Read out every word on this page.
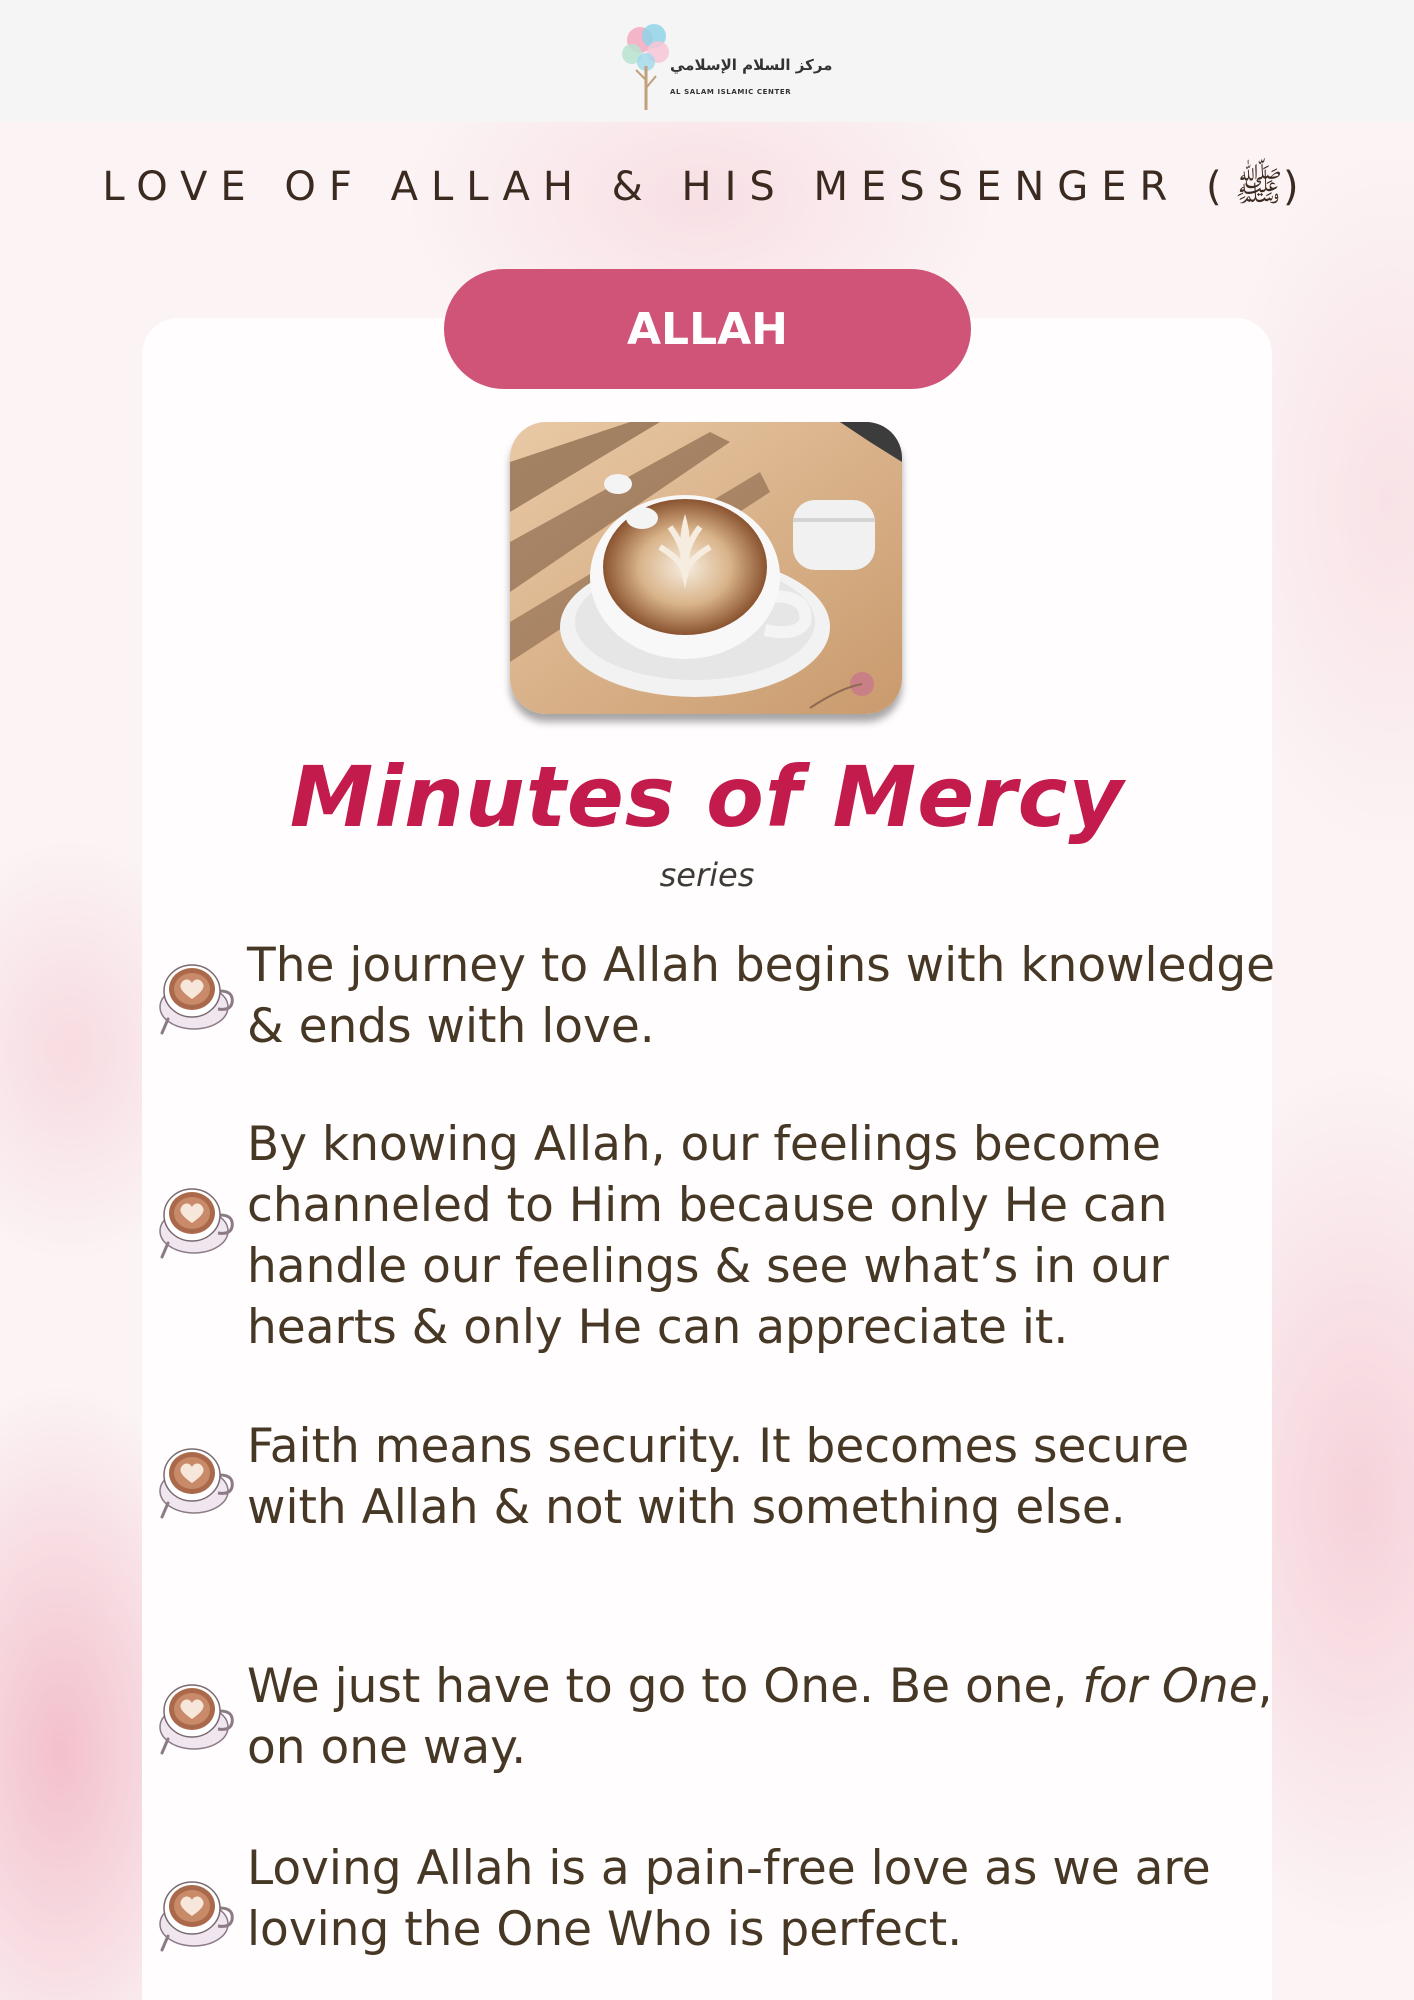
مركز السلام الإسلامي
AL SALAM ISLAMIC CENTER
LOVE OF ALLAH & HIS MESSENGER (ﷺ)
ALLAH
Minutes of Mercy
series
The journey to Allah begins with knowledge & ends with love.
By knowing Allah, our feelings become channeled to Him because only He can handle our feelings & see what’s in our hearts & only He can appreciate it.
Faith means security. It becomes secure with Allah & not with something else.
We just have to go to One. Be one, for One, on one way.
Loving Allah is a pain-free love as we are loving the One Who is perfect.
